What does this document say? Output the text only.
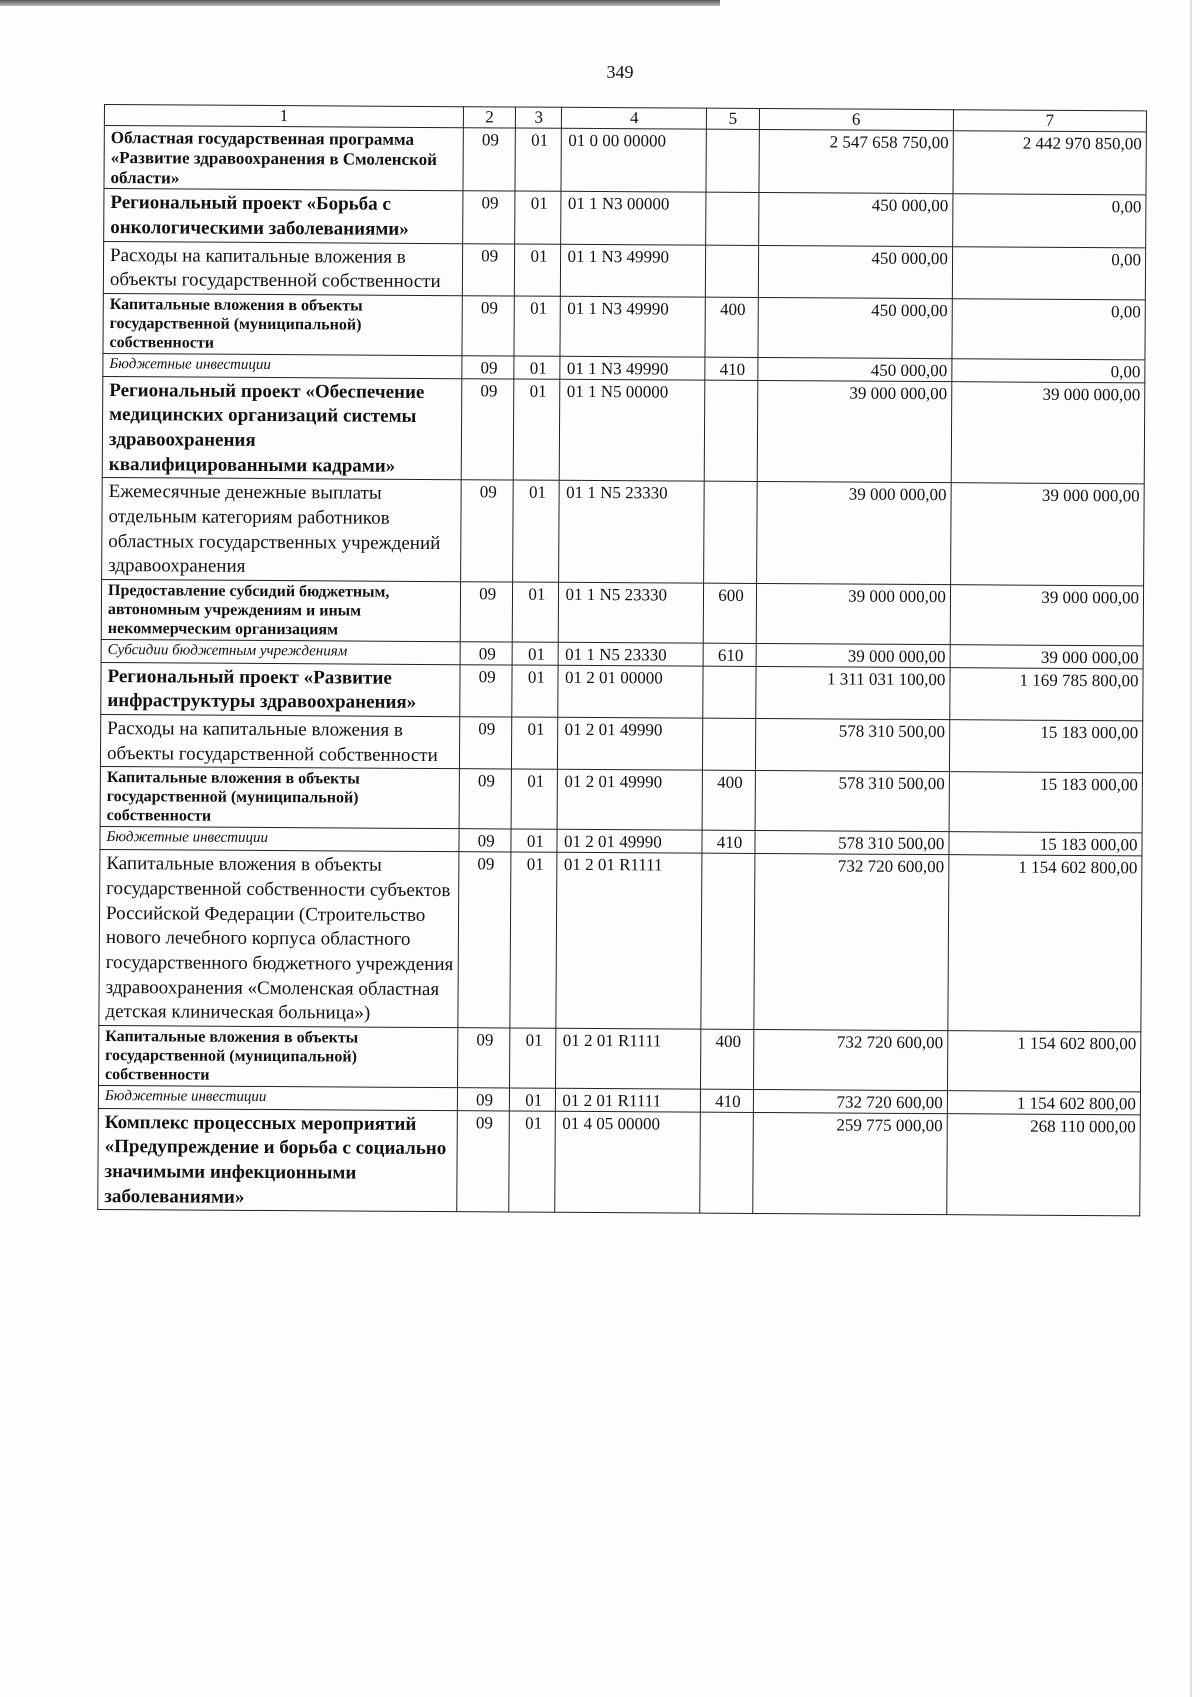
349
1	2	3	4	5	6	7
Областная государственная программа «Развитие здравоохранения в Смоленской области»	09	01	01 0 00 00000		2 547 658 750,00	2 442 970 850,00
Региональный проект «Борьба с онкологическими заболеваниями»	09	01	01 1 N3 00000		450 000,00	0,00
Расходы на капитальные вложения в объекты государственной собственности	09	01	01 1 N3 49990		450 000,00	0,00
Капитальные вложения в объекты государственной (муниципальной) собственности	09	01	01 1 N3 49990	400	450 000,00	0,00
Бюджетные инвестиции	09	01	01 1 N3 49990	410	450 000,00	0,00
Региональный проект «Обеспечение медицинских организаций системы здравоохранения квалифицированными кадрами»	09	01	01 1 N5 00000		39 000 000,00	39 000 000,00
Ежемесячные денежные выплаты отдельным категориям работников областных государственных учреждений здравоохранения	09	01	01 1 N5 23330		39 000 000,00	39 000 000,00
Предоставление субсидий бюджетным, автономным учреждениям и иным некоммерческим организациям	09	01	01 1 N5 23330	600	39 000 000,00	39 000 000,00
Субсидии бюджетным учреждениям	09	01	01 1 N5 23330	610	39 000 000,00	39 000 000,00
Региональный проект «Развитие инфраструктуры здравоохранения»	09	01	01 2 01 00000		1 311 031 100,00	1 169 785 800,00
Расходы на капитальные вложения в объекты государственной собственности	09	01	01 2 01 49990		578 310 500,00	15 183 000,00
Капитальные вложения в объекты государственной (муниципальной) собственности	09	01	01 2 01 49990	400	578 310 500,00	15 183 000,00
Бюджетные инвестиции	09	01	01 2 01 49990	410	578 310 500,00	15 183 000,00
Капитальные вложения в объекты государственной собственности субъектов Российской Федерации (Строительство нового лечебного корпуса областного государственного бюджетного учреждения здравоохранения «Смоленская областная детская клиническая больница»)	09	01	01 2 01 R1111		732 720 600,00	1 154 602 800,00
Капитальные вложения в объекты государственной (муниципальной) собственности	09	01	01 2 01 R1111	400	732 720 600,00	1 154 602 800,00
Бюджетные инвестиции	09	01	01 2 01 R1111	410	732 720 600,00	1 154 602 800,00
Комплекс процессных мероприятий «Предупреждение и борьба с социально значимыми инфекционными заболеваниями»	09	01	01 4 05 00000		259 775 000,00	268 110 000,00
